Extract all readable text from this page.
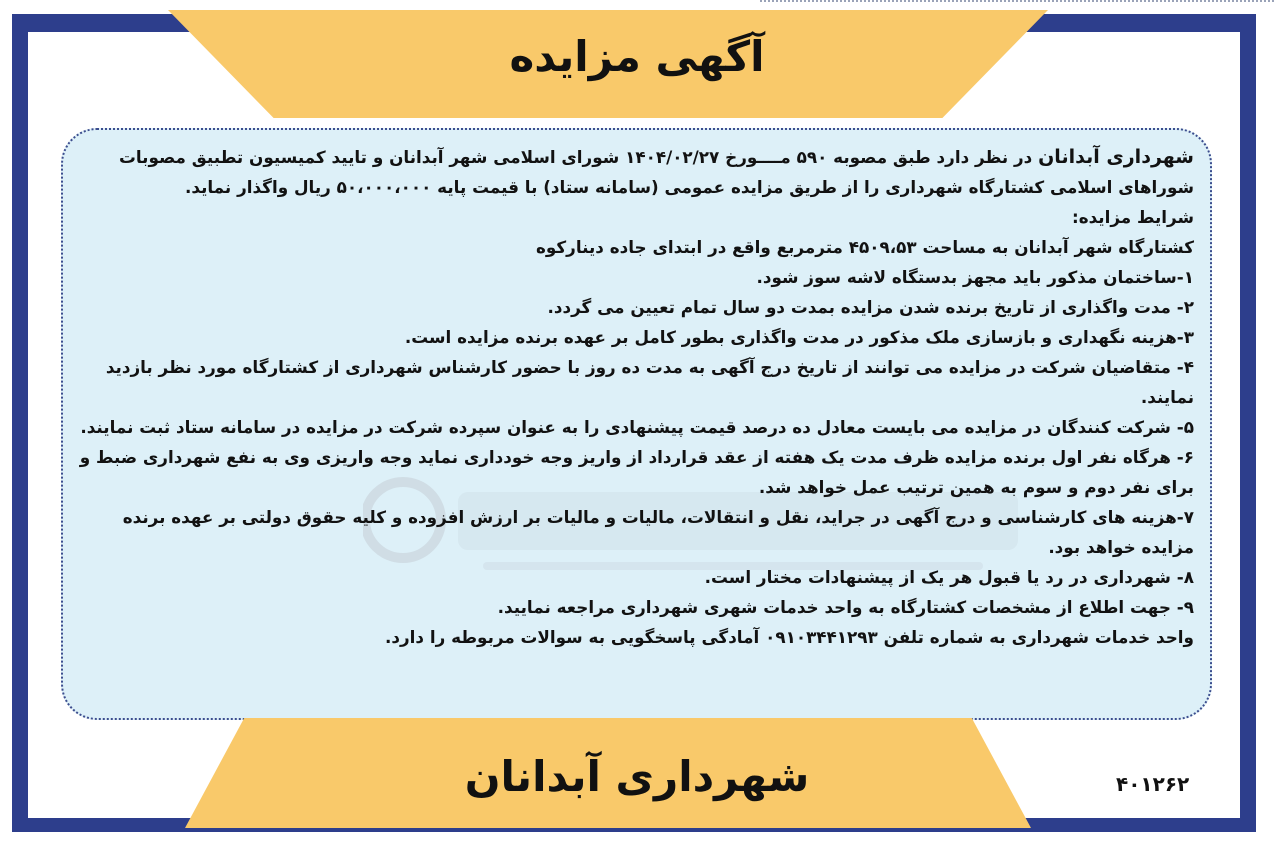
آگهی مزایده

شهرداری آبدانان در نظر دارد طبق مصوبه ۵۹۰ مــــورخ ۱۴۰۴/۰۲/۲۷ شورای اسلامی شهر آبدانان و تایید کمیسیون تطبیق مصوبات شوراهای اسلامی کشتارگاه شهرداری را از طریق مزایده عمومی (سامانه ستاد) با قیمت پایه ۵۰،۰۰۰،۰۰۰ ریال واگذار نماید.

شرایط مزایده:

کشتارگاه شهر آبدانان به مساحت ۴۵۰۹،۵۳ مترمربع واقع در ابتدای جاده دینارکوه

۱-ساختمان مذکور باید مجهز بدستگاه لاشه سوز شود.

۲- مدت واگذاری از تاریخ برنده شدن مزایده بمدت دو سال تمام تعیین می گردد.

۳-هزینه نگهداری و بازسازی ملک مذکور در مدت واگذاری بطور کامل بر عهده برنده مزایده است.

۴- متقاضیان شرکت در مزایده می توانند از تاریخ درج آگهی به مدت ده روز با حضور کارشناس شهرداری از کشتارگاه مورد نظر بازدید نمایند.

۵- شرکت کنندگان در مزایده می بایست معادل ده درصد قیمت پیشنهادی را به عنوان سپرده شرکت در مزایده در سامانه ستاد ثبت نمایند.

۶- هرگاه نفر اول برنده مزایده ظرف مدت یک هفته از عقد قرارداد از واریز وجه خودداری نماید وجه واریزی وی به نفع شهرداری ضبط و برای نفر دوم و سوم به همین ترتیب عمل خواهد شد.

۷-هزینه های کارشناسی و درج آگهی در جراید، نقل و انتقالات، مالیات و مالیات بر ارزش افزوده و کلیه حقوق دولتی بر عهده برنده مزایده خواهد بود.

۸- شهرداری در رد یا قبول هر یک از پیشنهادات مختار است.

۹- جهت اطلاع از مشخصات کشتارگاه به واحد خدمات شهری شهرداری مراجعه نمایید.

واحد خدمات شهرداری به شماره تلفن ۰۹۱۰۳۴۴۱۲۹۳ آمادگی پاسخگویی به سوالات مربوطه را دارد.

شهرداری آبدانان	۴۰۱۲۶۲
